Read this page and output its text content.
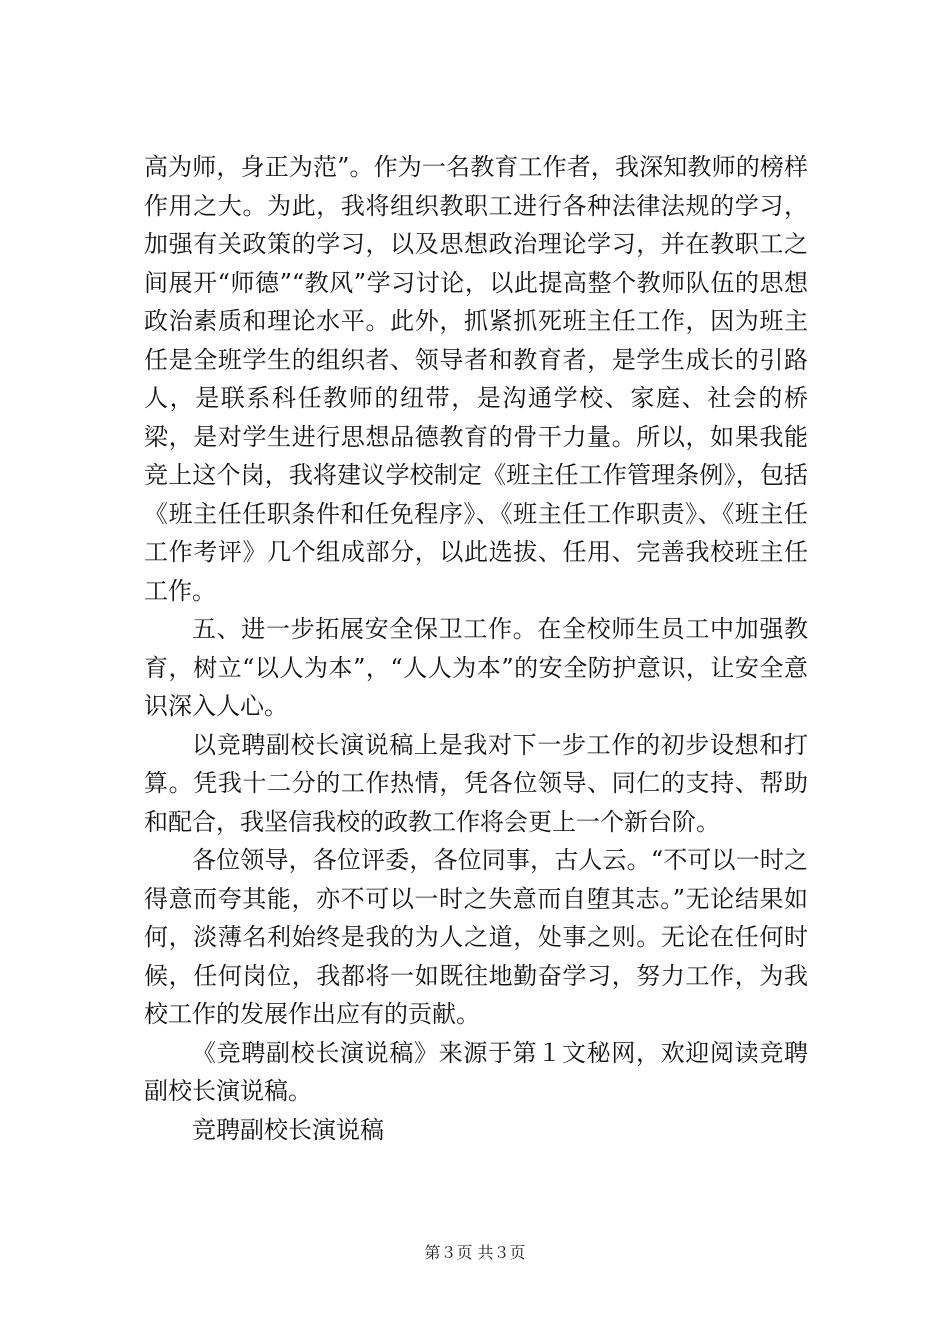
高为师，身正为范”。作为一名教育工作者，我深知教师的榜样作用之大。为此，我将组织教职工进行各种法律法规的学习，加强有关政策的学习，以及思想政治理论学习，并在教职工之间展开“师德”“教风”学习讨论，以此提高整个教师队伍的思想政治素质和理论水平。此外，抓紧抓死班主任工作，因为班主任是全班学生的组织者、领导者和教育者，是学生成长的引路人，是联系科任教师的纽带，是沟通学校、家庭、社会的桥梁，是对学生进行思想品德教育的骨干力量。所以，如果我能竞上这个岗，我将建议学校制定《班主任工作管理条例》，包括《班主任任职条件和任免程序》、《班主任工作职责》、《班主任工作考评》几个组成部分，以此选拔、任用、完善我校班主任工作。

五、进一步拓展安全保卫工作。在全校师生员工中加强教育，树立“以人为本”，“人人为本”的安全防护意识，让安全意识深入人心。

以竞聘副校长演说稿上是我对下一步工作的初步设想和打算。凭我十二分的工作热情，凭各位领导、同仁的支持、帮助和配合，我坚信我校的政教工作将会更上一个新台阶。

各位领导，各位评委，各位同事，古人云。“不可以一时之得意而夸其能，亦不可以一时之失意而自堕其志。”无论结果如何，淡薄名利始终是我的为人之道，处事之则。无论在任何时候，任何岗位，我都将一如既往地勤奋学习，努力工作，为我校工作的发展作出应有的贡献。

《竞聘副校长演说稿》来源于第１文秘网，欢迎阅读竞聘副校长演说稿。

竞聘副校长演说稿

第３页 共３页
